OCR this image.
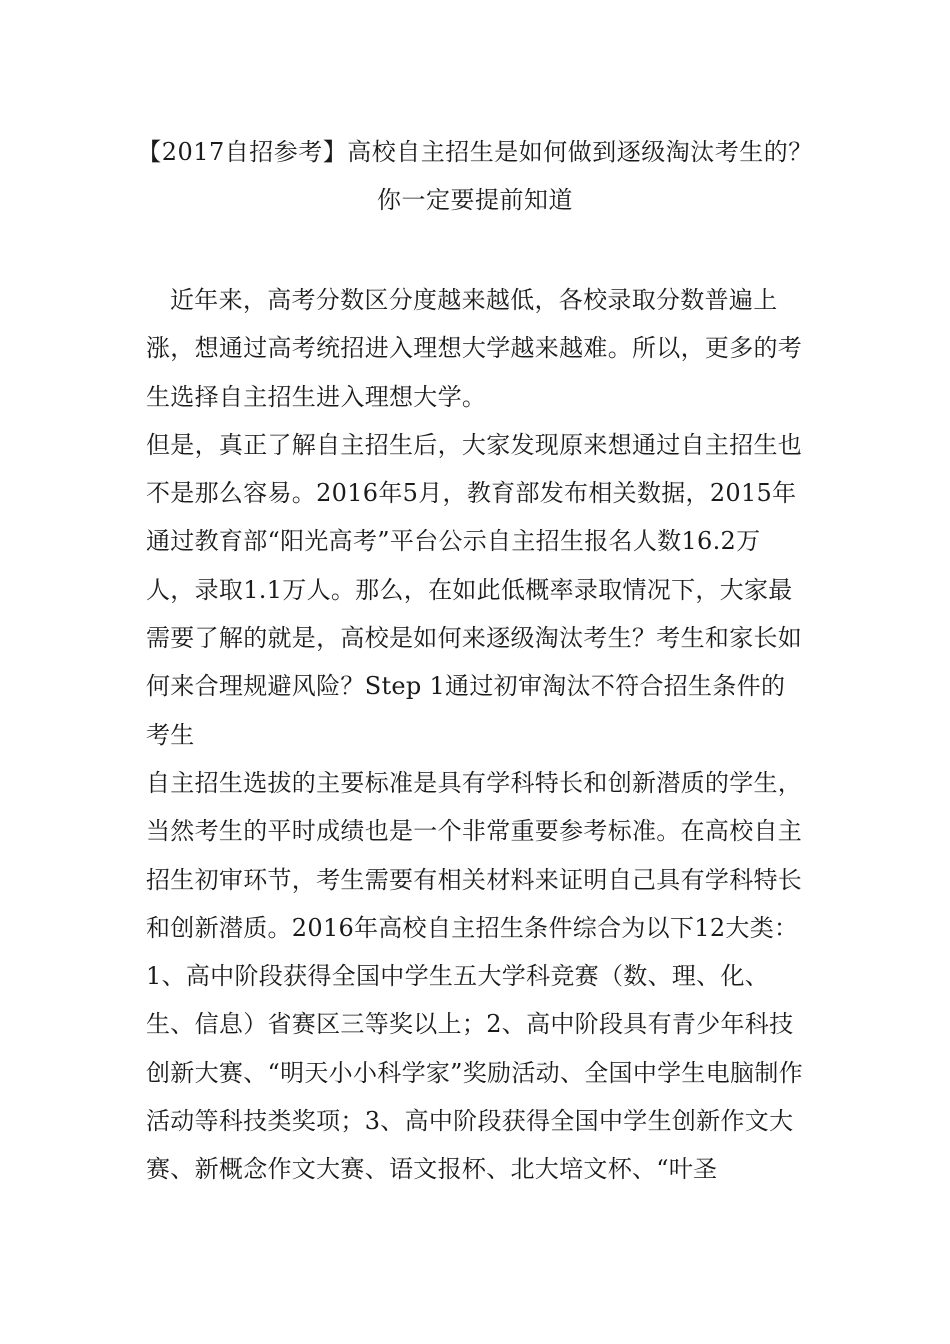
【2017自招参考】高校自主招生是如何做到逐级淘汰考生的？
你一定要提前知道

近年来，高考分数区分度越来越低，各校录取分数普遍上涨，想通过高考统招进入理想大学越来越难。所以，更多的考生选择自主招生进入理想大学。

但是，真正了解自主招生后，大家发现原来想通过自主招生也不是那么容易。2016年5月，教育部发布相关数据，2015年通过教育部“阳光高考”平台公示自主招生报名人数16.2万人，录取1.1万人。那么，在如此低概率录取情况下，大家最需要了解的就是，高校是如何来逐级淘汰考生？考生和家长如何来合理规避风险？Step 1通过初审淘汰不符合招生条件的考生

自主招生选拔的主要标准是具有学科特长和创新潜质的学生，当然考生的平时成绩也是一个非常重要参考标准。在高校自主招生初审环节，考生需要有相关材料来证明自己具有学科特长和创新潜质。2016年高校自主招生条件综合为以下12大类：1、高中阶段获得全国中学生五大学科竞赛（数、理、化、生、信息）省赛区三等奖以上；2、高中阶段具有青少年科技创新大赛、“明天小小科学家”奖励活动、全国中学生电脑制作活动等科技类奖项；3、高中阶段获得全国中学生创新作文大赛、新概念作文大赛、语文报杯、北大培文杯、“叶圣
